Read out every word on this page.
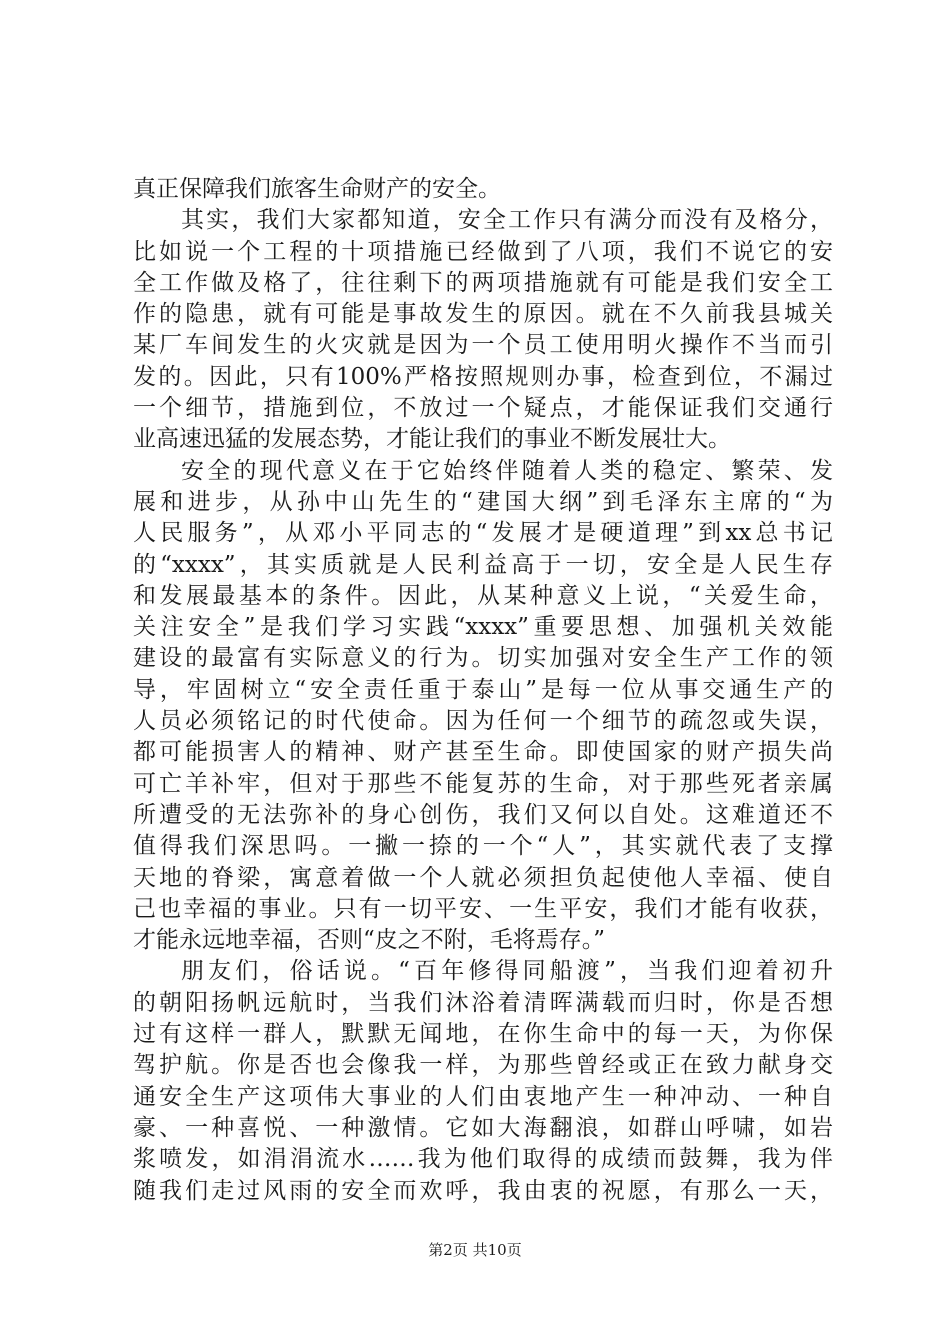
真正保障我们旅客生命财产的安全。
其实，我们大家都知道，安全工作只有满分而没有及格分，
比如说一个工程的十项措施已经做到了八项，我们不说它的安
全工作做及格了，往往剩下的两项措施就有可能是我们安全工
作的隐患，就有可能是事故发生的原因。就在不久前我县城关
某厂车间发生的火灾就是因为一个员工使用明火操作不当而引
发的。因此，只有100%严格按照规则办事，检查到位，不漏过
一个细节，措施到位，不放过一个疑点，才能保证我们交通行
业高速迅猛的发展态势，才能让我们的事业不断发展壮大。
安全的现代意义在于它始终伴随着人类的稳定、繁荣、发
展和进步，从孙中山先生的“建国大纲”到毛泽东主席的“为
人民服务”，从邓小平同志的“发展才是硬道理”到xx总书记
的“xxxx”，其实质就是人民利益高于一切，安全是人民生存
和发展最基本的条件。因此，从某种意义上说，“关爱生命，
关注安全”是我们学习实践“xxxx”重要思想、加强机关效能
建设的最富有实际意义的行为。切实加强对安全生产工作的领
导，牢固树立“安全责任重于泰山”是每一位从事交通生产的
人员必须铭记的时代使命。因为任何一个细节的疏忽或失误，
都可能损害人的精神、财产甚至生命。即使国家的财产损失尚
可亡羊补牢，但对于那些不能复苏的生命，对于那些死者亲属
所遭受的无法弥补的身心创伤，我们又何以自处。这难道还不
值得我们深思吗。一撇一捺的一个“人”，其实就代表了支撑
天地的脊梁，寓意着做一个人就必须担负起使他人幸福、使自
己也幸福的事业。只有一切平安、一生平安，我们才能有收获，
才能永远地幸福，否则“皮之不附，毛将焉存。”
朋友们，俗话说。“百年修得同船渡”，当我们迎着初升
的朝阳扬帆远航时，当我们沐浴着清晖满载而归时，你是否想
过有这样一群人，默默无闻地，在你生命中的每一天，为你保
驾护航。你是否也会像我一样，为那些曾经或正在致力献身交
通安全生产这项伟大事业的人们由衷地产生一种冲动、一种自
豪、一种喜悦、一种激情。它如大海翻浪，如群山呼啸，如岩
浆喷发，如涓涓流水……我为他们取得的成绩而鼓舞，我为伴
随我们走过风雨的安全而欢呼，我由衷的祝愿，有那么一天，
第2页 共10页
